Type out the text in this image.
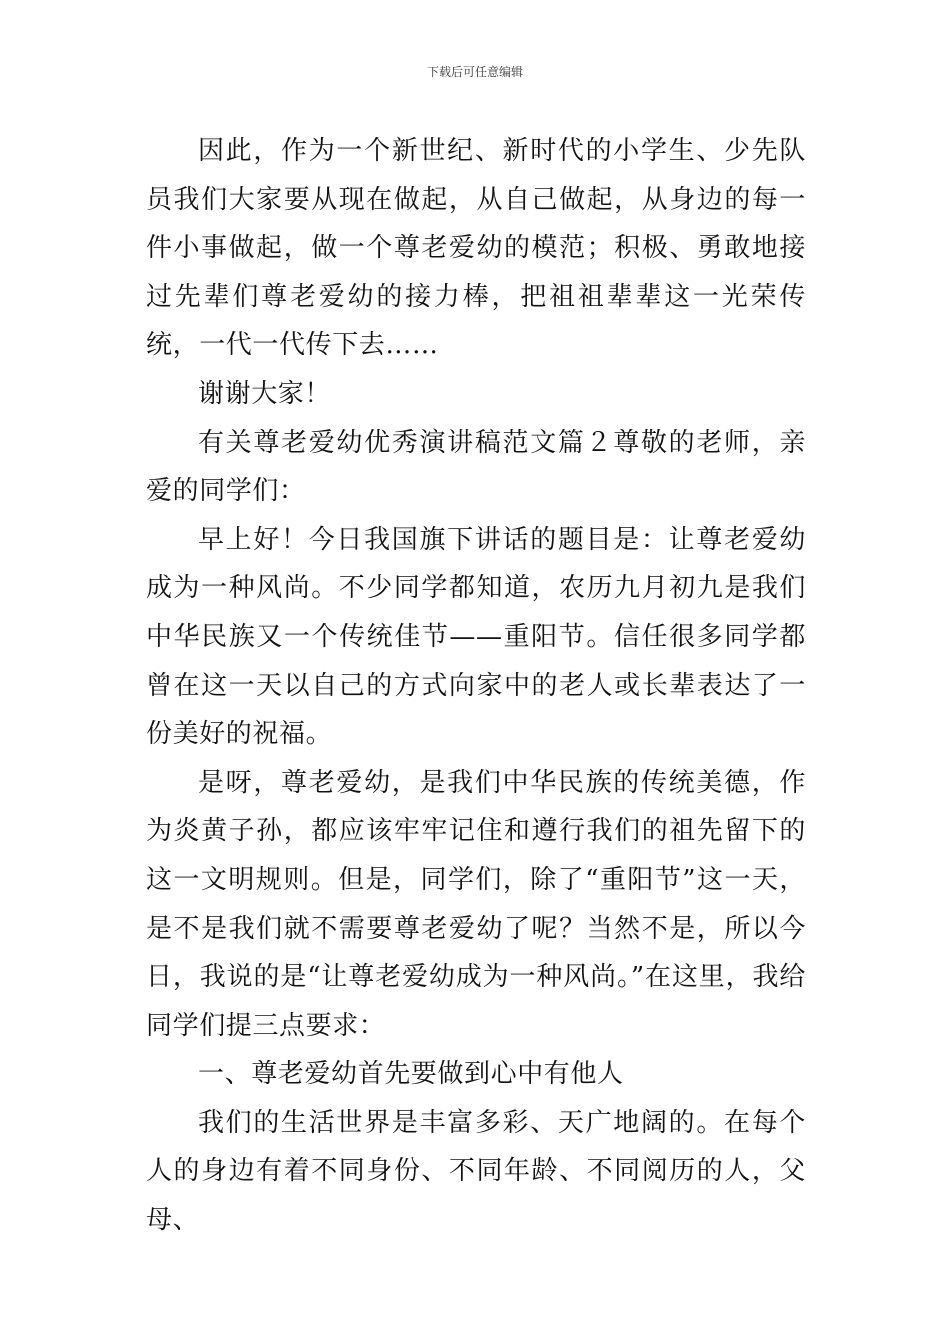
下载后可任意编辑

因此，作为一个新世纪、新时代的小学生、少先队员我们大家要从现在做起，从自己做起，从身边的每一件小事做起，做一个尊老爱幼的模范；积极、勇敢地接过先辈们尊老爱幼的接力棒，把祖祖辈辈这一光荣传统，一代一代传下去……

谢谢大家！

有关尊老爱幼优秀演讲稿范文篇２尊敬的老师，亲爱的同学们：

早上好！今日我国旗下讲话的题目是：让尊老爱幼成为一种风尚。不少同学都知道，农历九月初九是我们中华民族又一个传统佳节——重阳节。信任很多同学都曾在这一天以自己的方式向家中的老人或长辈表达了一份美好的祝福。

是呀，尊老爱幼，是我们中华民族的传统美德，作为炎黄子孙，都应该牢牢记住和遵行我们的祖先留下的这一文明规则。但是，同学们，除了“重阳节”这一天，是不是我们就不需要尊老爱幼了呢？当然不是，所以今日，我说的是“让尊老爱幼成为一种风尚。”在这里，我给同学们提三点要求：

一、尊老爱幼首先要做到心中有他人

我们的生活世界是丰富多彩、天广地阔的。在每个人的身边有着不同身份、不同年龄、不同阅历的人，父母、
